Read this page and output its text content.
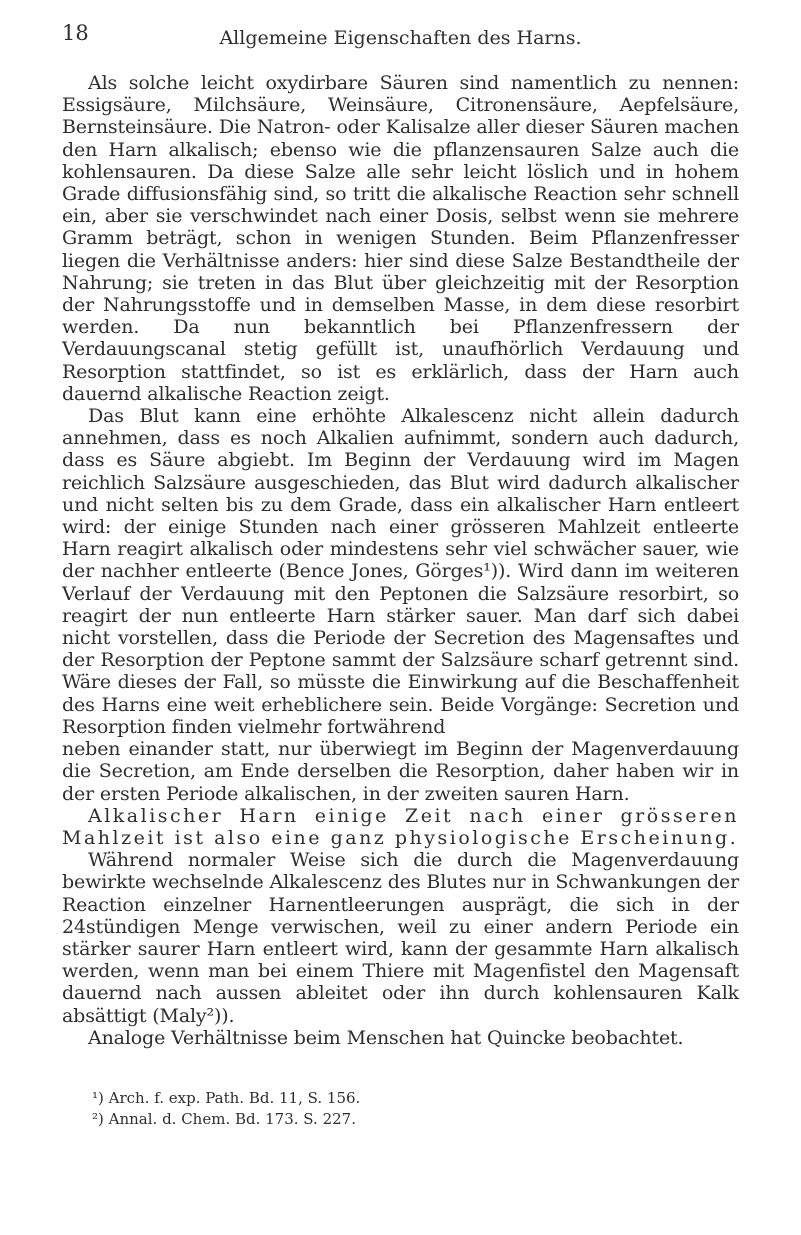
18	Allgemeine Eigenschaften des Harns.

Als solche leicht oxydirbare Säuren sind namentlich zu nennen: Essigsäure, Milchsäure, Weinsäure, Citronensäure, Aepfelsäure, Bernsteinsäure. Die Natron- oder Kalisalze aller dieser Säuren machen den Harn alkalisch; ebenso wie die pflanzensauren Salze auch die kohlensauren. Da diese Salze alle sehr leicht löslich und in hohem Grade diffusionsfähig sind, so tritt die alkalische Reaction sehr schnell ein, aber sie verschwindet nach einer Dosis, selbst wenn sie mehrere Gramm beträgt, schon in wenigen Stunden. Beim Pflanzenfresser liegen die Verhältnisse anders: hier sind diese Salze Bestandtheile der Nahrung; sie treten in das Blut über gleichzeitig mit der Resorption der Nahrungsstoffe und in demselben Masse, in dem diese resorbirt werden. Da nun bekanntlich bei Pflanzenfressern der Verdauungscanal stetig gefüllt ist, unaufhörlich Verdauung und Resorption stattfindet, so ist es erklärlich, dass der Harn auch dauernd alkalische Reaction zeigt.

Das Blut kann eine erhöhte Alkalescenz nicht allein dadurch annehmen, dass es noch Alkalien aufnimmt, sondern auch dadurch, dass es Säure abgiebt. Im Beginn der Verdauung wird im Magen reichlich Salzsäure ausgeschieden, das Blut wird dadurch alkalischer und nicht selten bis zu dem Grade, dass ein alkalischer Harn entleert wird: der einige Stunden nach einer grösseren Mahlzeit entleerte Harn reagirt alkalisch oder mindestens sehr viel schwächer sauer, wie der nachher entleerte (Bence Jones, Görges¹)). Wird dann im weiteren Verlauf der Verdauung mit den Peptonen die Salzsäure resorbirt, so reagirt der nun entleerte Harn stärker sauer. Man darf sich dabei nicht vorstellen, dass die Periode der Secretion des Magensaftes und der Resorption der Peptone sammt der Salzsäure scharf getrennt sind. Wäre dieses der Fall, so müsste die Einwirkung auf die Beschaffenheit des Harns eine weit erheblichere sein. Beide Vorgänge: Secretion und Resorption finden vielmehr fortwährend

neben einander statt, nur überwiegt im Beginn der Magenverdauung die Secretion, am Ende derselben die Resorption, daher haben wir in der ersten Periode alkalischen, in der zweiten sauren Harn.

Alkalischer Harn einige Zeit nach einer grösseren Mahlzeit ist also eine ganz physiologische Erscheinung.

Während normaler Weise sich die durch die Magenverdauung bewirkte wechselnde Alkalescenz des Blutes nur in Schwankungen der Reaction einzelner Harnentleerungen ausprägt, die sich in der 24stündigen Menge verwischen, weil zu einer andern Periode ein stärker saurer Harn entleert wird, kann der gesammte Harn alkalisch werden, wenn man bei einem Thiere mit Magenfistel den Magensaft dauernd nach aussen ableitet oder ihn durch kohlensauren Kalk absättigt (Maly²)).

Analoge Verhältnisse beim Menschen hat Quincke beobachtet.

¹) Arch. f. exp. Path. Bd. 11, S. 156.

²) Annal. d. Chem. Bd. 173. S. 227.
